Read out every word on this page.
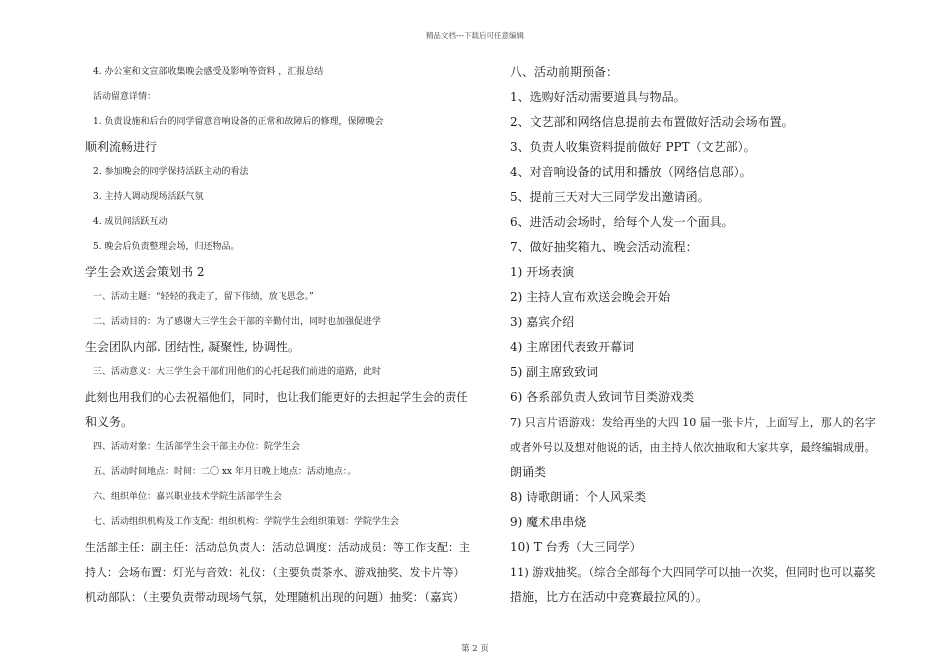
精品文档---下载后可任意编辑

4. 办公室和文宣部收集晚会感受及影响等资料 ，汇报总结

活动留意详情：

1. 负责设施和后台的同学留意音响设备的正常和故障后的修理，保障晚会

顺利流畅进行

2. 参加晚会的同学保持活跃主动的看法

3. 主持人调动现场活跃气氛

4. 成员间活跃互动

5. 晚会后负责整理会场，归还物品。

学生会欢送会策划书 2

一、活动主题：“轻轻的我走了，留下伟绩，放飞思念。”

二、活动目的：为了感谢大三学生会干部的辛勤付出，同时也加强促进学

生会团队内部. 团结性, 凝聚性, 协调性。

三、活动意义：大三学生会干部们用他们的心托起我们前进的道路，此时

此刻也用我们的心去祝福他们，同时，也让我们能更好的去担起学生会的责任

和义务。

四、活动对象：生活部学生会干部主办位：院学生会

五、活动时间地点：时间：二〇 xx 年月日晚上地点：活动地点：。

六、组织单位：嘉兴职业技术学院生活部学生会

七、活动组织机构及工作支配：组织机构：学院学生会组织策划：学院学生会

生活部主任：副主任：活动总负责人：活动总调度：活动成员：等工作支配：主

持人：会场布置：灯光与音效：礼仪：（主要负责茶水、游戏抽奖、发卡片等）

机动部队：（主要负责带动现场气氛，处理随机出现的问题）抽奖：（嘉宾）

八、活动前期预备：

1、选购好活动需要道具与物品。

2、文艺部和网络信息提前去布置做好活动会场布置。

3、负责人收集资料提前做好 PPT（文艺部）。

4、对音响设备的试用和播放（网络信息部）。

5、提前三天对大三同学发出邀请函。

6、进活动会场时，给每个人发一个面具。

7、做好抽奖箱九、晚会活动流程：

1) 开场表演

2) 主持人宣布欢送会晚会开始

3) 嘉宾介绍

4) 主席团代表致开幕词

5) 副主席致致词

6) 各系部负责人致词节目类游戏类

7) 只言片语游戏：发给再坐的大四 10 届一张卡片，上面写上，那人的名字

或者外号以及想对他说的话，由主持人依次抽取和大家共享，最终编辑成册。

朗诵类

8) 诗歌朗诵：个人风采类

9) 魔术串串烧

10) T 台秀（大三同学）

11) 游戏抽奖。（综合全部每个大四同学可以抽一次奖，但同时也可以嘉奖

措施，比方在活动中竞赛最拉风的）。

第 2 页
